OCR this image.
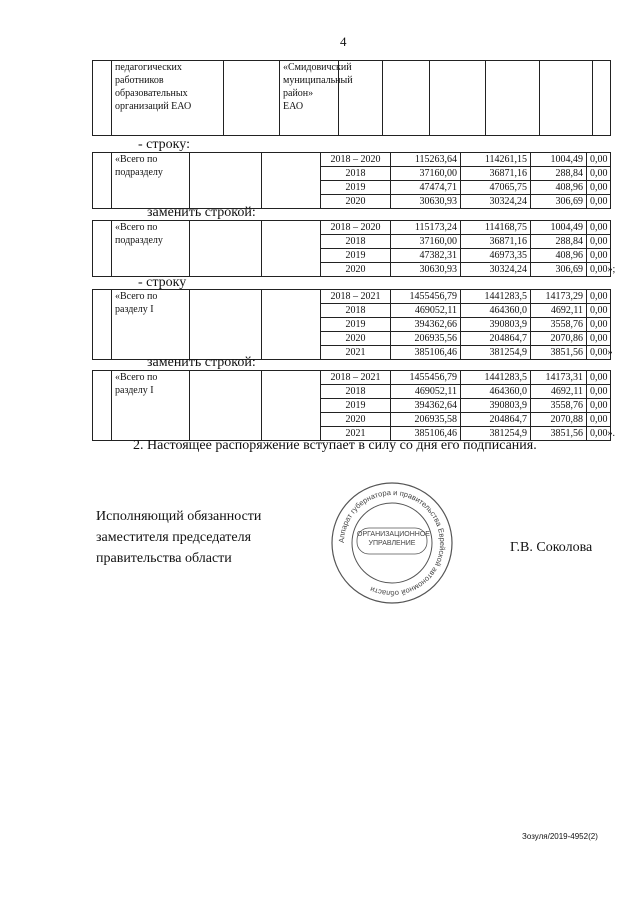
4
	педагогических работников образовательных организаций ЕАО		«Смидовичский муниципальный район» ЕАО						
- строку:
	«Всего по подразделу			2018 – 2020	115263,64	114261,15	1004,49	0,00
				2018	37160,00	36871,16	288,84	0,00
				2019	47474,71	47065,75	408,96	0,00
				2020	30630,93	30324,24	306,69	0,00
заменить строкой:
	«Всего по подразделу			2018 – 2020	115173,24	114168,75	1004,49	0,00
				2018	37160,00	36871,16	288,84	0,00
				2019	47382,31	46973,35	408,96	0,00
				2020	30630,93	30324,24	306,69	0,00»;
- строку
	«Всего по разделу I			2018 – 2021	1455456,79	1441283,5	14173,29	0,00
				2018	469052,11	464360,0	4692,11	0,00
				2019	394362,66	390803,9	3558,76	0,00
				2020	206935,56	204864,7	2070,86	0,00
				2021	385106,46	381254,9	3851,56	0,00»
заменить строкой:
	«Всего по разделу I			2018 – 2021	1455456,79	1441283,5	14173,31	0,00
				2018	469052,11	464360,0	4692,11	0,00
				2019	394362,64	390803,9	3558,76	0,00
				2020	206935,58	204864,7	2070,88	0,00
				2021	385106,46	381254,9	3851,56	0,00».
2. Настоящее распоряжение вступает в силу со дня его подписания.
Исполняющий обязанности
заместителя председателя
правительства области
Аппарат губернатора и правительства Еврейской автономной области
ОРГАНИЗАЦИОННОЕ УПРАВЛЕНИЕ	Г.В. Соколова
Зозуля/2019-4952(2)
